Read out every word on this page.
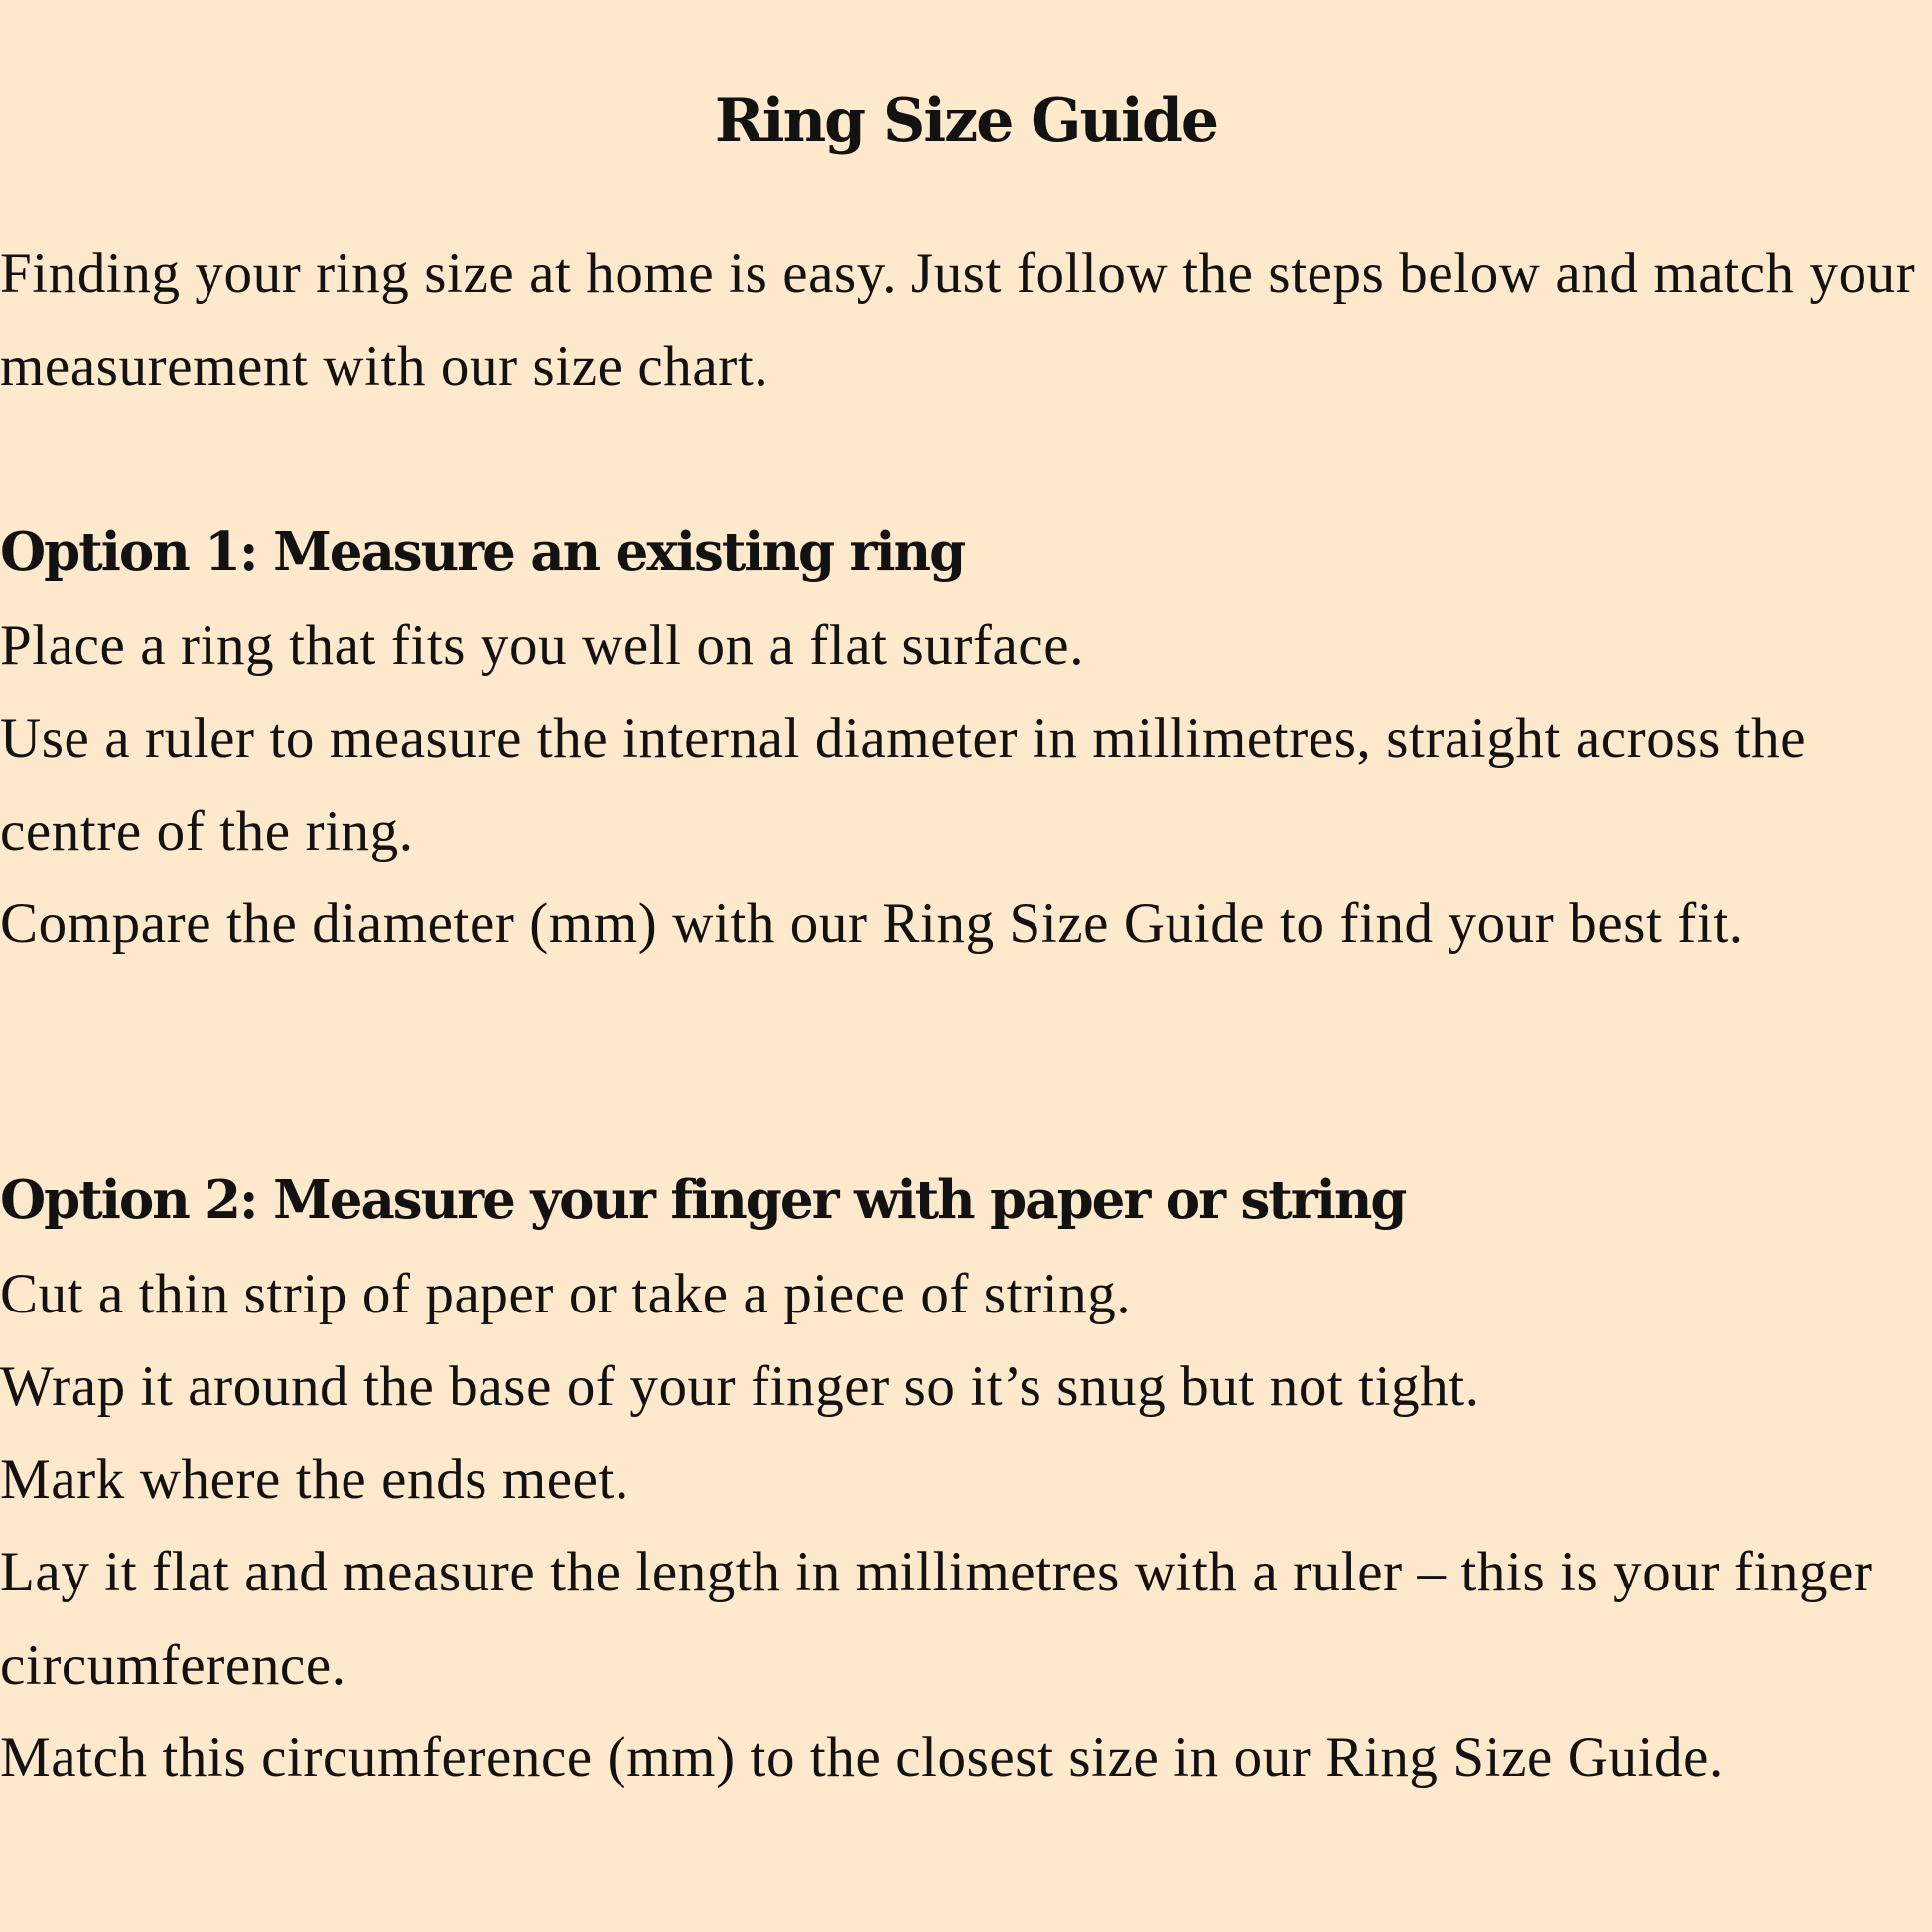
Ring Size Guide

Finding your ring size at home is easy. Just follow the steps below and match your measurement with our size chart.

Option 1: Measure an existing ring
Place a ring that fits you well on a flat surface.
Use a ruler to measure the internal diameter in millimetres, straight across the centre of the ring.
Compare the diameter (mm) with our Ring Size Guide to find your best fit.
Option 2: Measure your finger with paper or string
Cut a thin strip of paper or take a piece of string.
Wrap it around the base of your finger so it’s snug but not tight.
Mark where the ends meet.
Lay it flat and measure the length in millimetres with a ruler – this is your finger circumference.
Match this circumference (mm) to the closest size in our Ring Size Guide.
